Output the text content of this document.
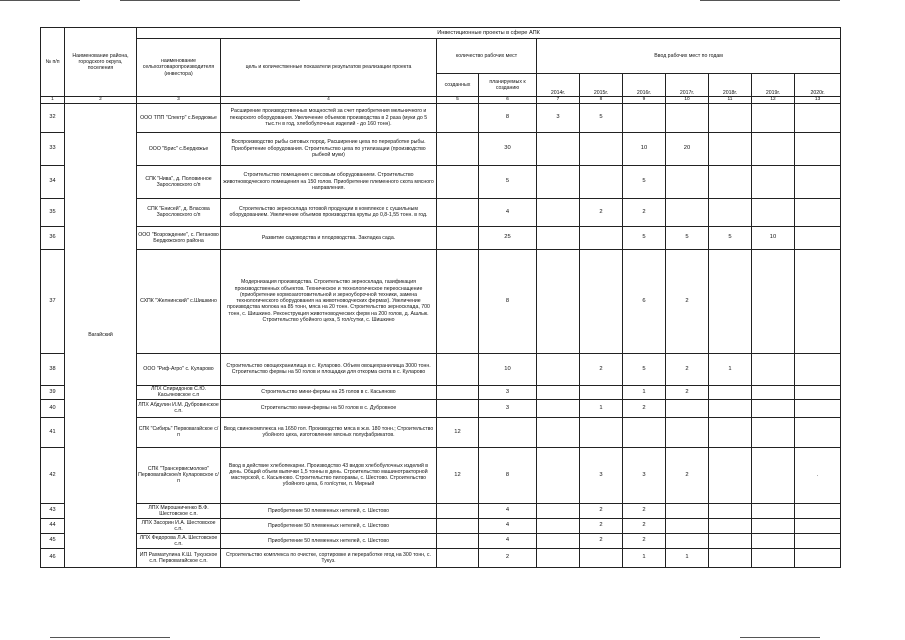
№ п/п	Наименование района, городского округа, поселения	Инвестиционные проекты в сфере АПК										
		наименование сельхозтоваропроизводителя (инвестора)	цель и количественные показатели результатов реализации проекта	количество рабочих мест		Ввод рабочих мест по годам						
				созданных	планируемых к созданию	2014г.	2015г.	2016г.	2017г.	2018г.	2019г.	2020г.
1	2	3	4	5	6	7	8	9	10	11	12	13
32	Вагайский	ООО ТПП "Спектр" с.Бердюжье	Расширение производственных мощностей за счет приобретения мельничного и пекарского оборудования. Увеличение объемов производства в 2 раза (муки до 5 тыс.тн в год, хлебобулочных изделий - до 160 тонн).		8	3	5					
33		ООО "Брис" с.Бердюжье	Воспроизводство рыбы сиговых пород. Расширение цеха по переработке рыбы. Приобретение оборудования. Строительство цеха по утилизации (производство рыбной муки)		30			10	20			
34		СПК "Нива", д. Половинное Зарословского с/п	Строительство помещения с весовым оборудованием. Строительство животноводческого помещения на 150 голов. Приобретение племенного скота мясного направления.		5			5				
35		СПК "Енисей", д. Власова Зарословского с/п	Строительство зерносклада готовой продукции в комплексе с сушильным оборудованием. Увеличение объемов производства крупы до 0,8-1,55 тонн. в год.		4		2	2				
36		ООО "Возрождение", с. Пеганово Бердюжского района	Развитие садоводства и плодоводства. Закладка сада.		25			5	5	5	10	
37		СХПК "Желнинский" с.Шишкино	Модернизация производства. Строительство зерносклада, газификация производственных объектов. Техническое и технологическое переоснащение (приобретение кормозаготовительной и зерноуборочной техники, замена технологического оборудования на животноводческих фермах). Увеличение производства молока на 85 тонн, мяса на 20 тонн. Строительство зерносклада, 700 тонн, с. Шишкино. Реконструкция животноводческих ферм на 200 голов, д. Ашлык. Строительство убойного цеха, 5 гол/сутки, с. Шишкино		8			6	2			
38		ООО "Риф-Агро" с. Куларово	Строительство овощехранилища в с. Куларово. Объем овощехранилища 3000 тонн. Строительство фермы на 50 голов и площадки для откорма скота в с. Куларово		10		2	5	2	1		
39		ЛПХ Спиридонов С.Ю. Касьяновское с.п	Строительство мини-фермы на 25 голов в с. Касьяново		3			1	2			
40		ЛПХ Абдулин И.М. Дубровинское с.п.	Строительство мини-фермы на 50 голов в с. Дубровное		3		1	2				
41		СПК "Сибирь" Первовагайское с/п	Ввод свинокомплекса на 1650 гол. Производство мяса в ж.в. 180 тонн.; Строительство убойного цеха, изготовление мясных полуфабрикатов.	12								
42		СПК "Трансервисмолоко" Первовагайское/п Куларовское с/п	Ввод в действие хлебопекарни. Производство 43 видов хлебобулочных изделий в день. Общий объем выпечки 1,5 тонны в день. Строительство машинотракторной мастерской, с. Касьяново. Строительство пилорамы, с. Шестово. Строительство убойного цеха, 6 гол/сутки, п. Мирный	12	8		3	3	2			.
43		ЛПХ Мирошниченко В.Ф. Шестовское с.п.	Приобретение 50 племенных нетелей, с. Шестово		4		2	2				
44		ЛПХ Засорин И.А. Шестовское с.п.	Приобретение 50 племенных нетелей, с. Шестово		4		2	2				
45		ЛПХ Федорова Л.А. Шестовское с.п.	Приобретение 50 племенных нетелей, с. Шестово		4		2	2				
46		ИП Рахматулина К.Ш. Тукузское с.п. Первовагайское с.п.	Строительство комплекса по очистке, сортировке и переработке ягод на 300 тонн, с. Тукуз.		2			1	1			
